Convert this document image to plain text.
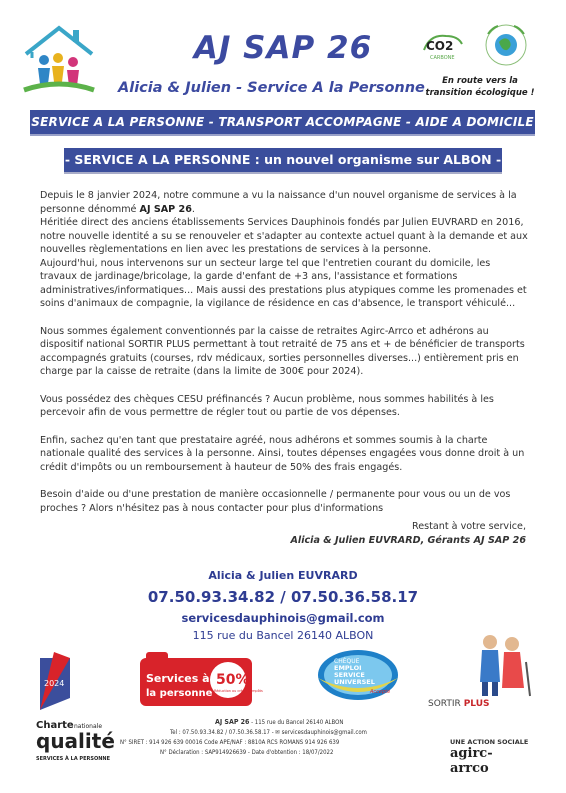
AJ SAP 26
Alicia & Julien - Service A la Personne
CO2
CARBONE
En route vers la transition écologique !
SERVICE A LA PERSONNE - TRANSPORT ACCOMPAGNE - AIDE A DOMICILE
- SERVICE A LA PERSONNE : un nouvel organisme sur ALBON -

Depuis le 8 janvier 2024, notre commune a vu la naissance d'un nouvel organisme de services à la personne dénommé AJ SAP 26.
Héritiée direct des anciens établissements Services Dauphinois fondés par Julien EUVRARD en 2016, notre nouvelle identité a su se renouveler et s'adapter au contexte actuel quant à la demande et aux nouvelles règlementations en lien avec les prestations de services à la personne.
Aujourd'hui, nous intervenons sur un secteur large tel que l'entretien courant du domicile, les travaux de jardinage/bricolage, la garde d'enfant de +3 ans, l'assistance et formations administratives/informatiques... Mais aussi des prestations plus atypiques comme les promenades et soins d'animaux de compagnie, la vigilance de résidence en cas d'absence, le transport véhiculé...

Nous sommes également conventionnés par la caisse de retraites Agirc-Arrco et adhérons au dispositif national SORTIR PLUS permettant à tout retraité de 75 ans et + de bénéficier de transports accompagnés gratuits (courses, rdv médicaux, sorties personnelles diverses...) entièrement pris en charge par la caisse de retraite (dans la limite de 300€ pour 2024).

Vous possédez des chèques CESU préfinancés ? Aucun problème, nous sommes habilités à les percevoir afin de vous permettre de régler tout ou partie de vos dépenses.

Enfin, sachez qu'en tant que prestataire agréé, nous adhérons et sommes soumis à la charte nationale qualité des services à la personne. Ainsi, toutes dépenses engagées vous donne droit à un crédit d'impôts ou un remboursement à hauteur de 50% des frais engagés.

Besoin d'aide ou d'une prestation de manière occasionnelle / permanente pour vous ou un de vos proches ? Alors n'hésitez pas à nous contacter pour plus d'informations

Restant à votre service,
Alicia & Julien EUVRARD, Gérants AJ SAP 26
Alicia & Julien EUVRARD
07.50.93.34.82 / 07.50.36.58.17
servicesdauphinois@gmail.com
115 rue du Bancel 26140 ALBON
2024
Charte nationale
qualité
SERVICES À LA PERSONNE
50%
Réduction ou crédit d'impôts
Services à
la personne
CHÈQUE
EMPLOI
SERVICE
UNIVERSEL
Accepté
SORTIR PLUS
UNE ACTION SOCIALE
agirc-arrco
AJ SAP 26 - 115 rue du Bancel 26140 ALBON
Tel : 07.50.93.34.82 / 07.50.36.58.17 - ✉ servicesdauphinois@gmail.com
N° SIRET : 914 926 639 00016 Code APE/NAF : 8810A RCS ROMANS 914 926 639
N° Déclaration : SAP914926639 - Date d'obtention : 18/07/2022
